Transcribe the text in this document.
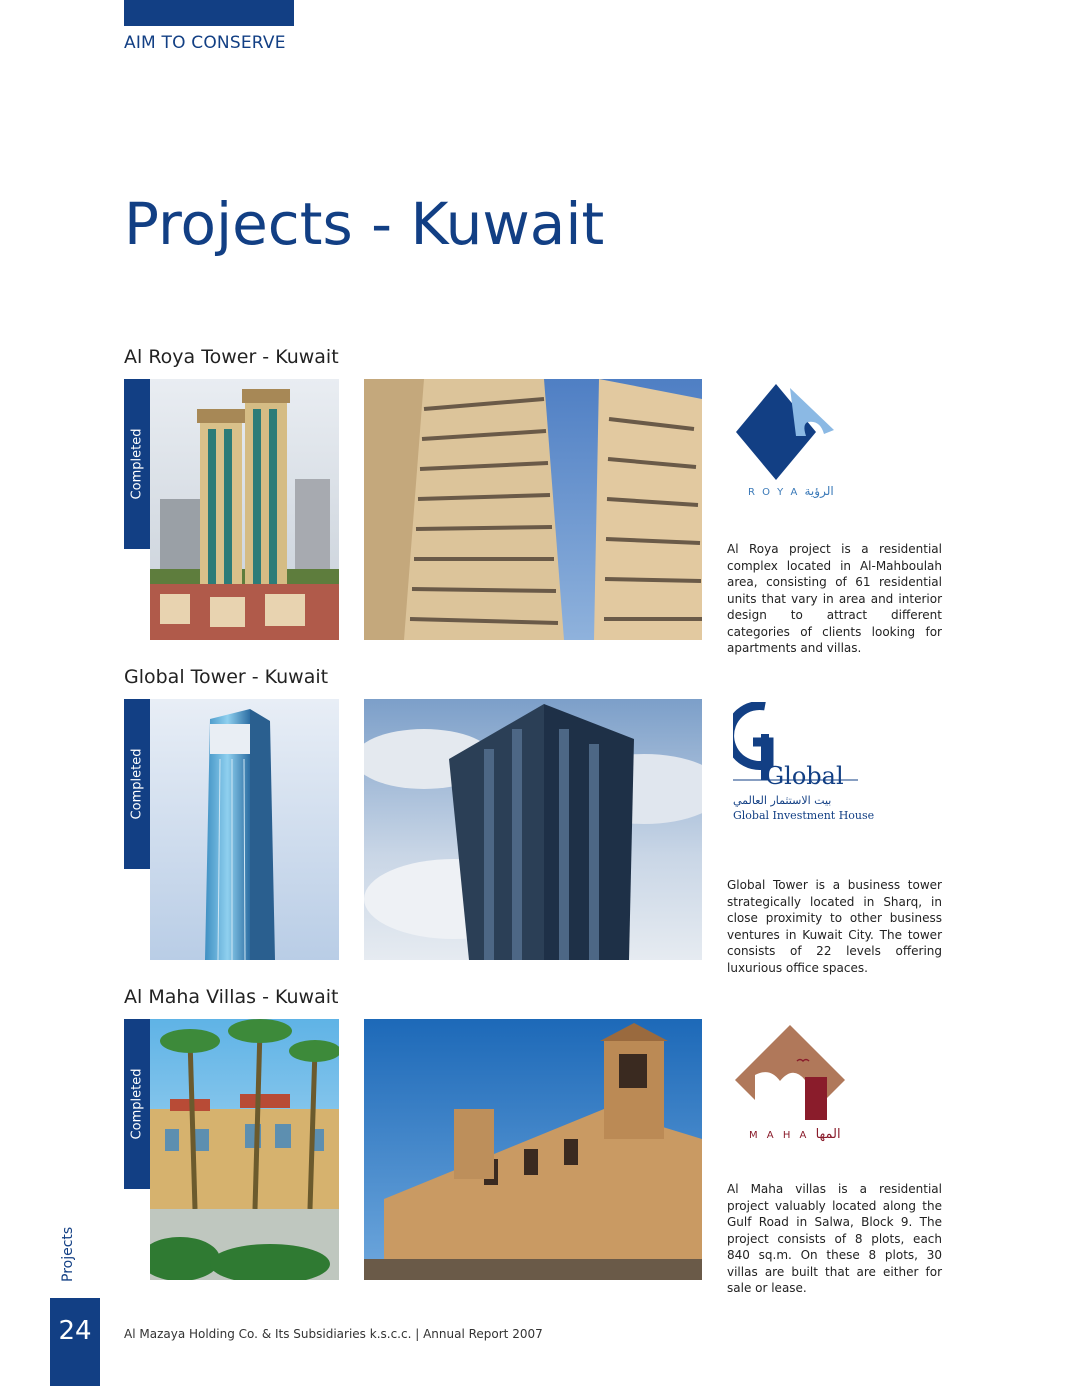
AIM TO CONSERVE
Projects - Kuwait
Al Roya Tower - Kuwait
Completed	R O Y A الرؤية
Al Roya project is a residential complex located in Al-Mahboulah area, consisting of 61 residential units that vary in area and interior design to attract different categories of clients looking for apartments and villas.
Global Tower - Kuwait
Completed	Global
بيت الاستثمار العالمي
Global Investment House
Global Tower is a business tower strategically located in Sharq, in close proximity to other business ventures in Kuwait City. The tower consists of 22 levels offering luxurious office spaces.
Al Maha Villas - Kuwait
Completed	M A H A المها
Al Maha villas is a residential project valuably located along the Gulf Road in Salwa, Block 9. The project consists of 8 plots, each 840 sq.m. On these 8 plots, 30 villas are built that are either for sale or lease.
Projects
24	Al Mazaya Holding Co. & Its Subsidiaries k.s.c.c. | Annual Report 2007
